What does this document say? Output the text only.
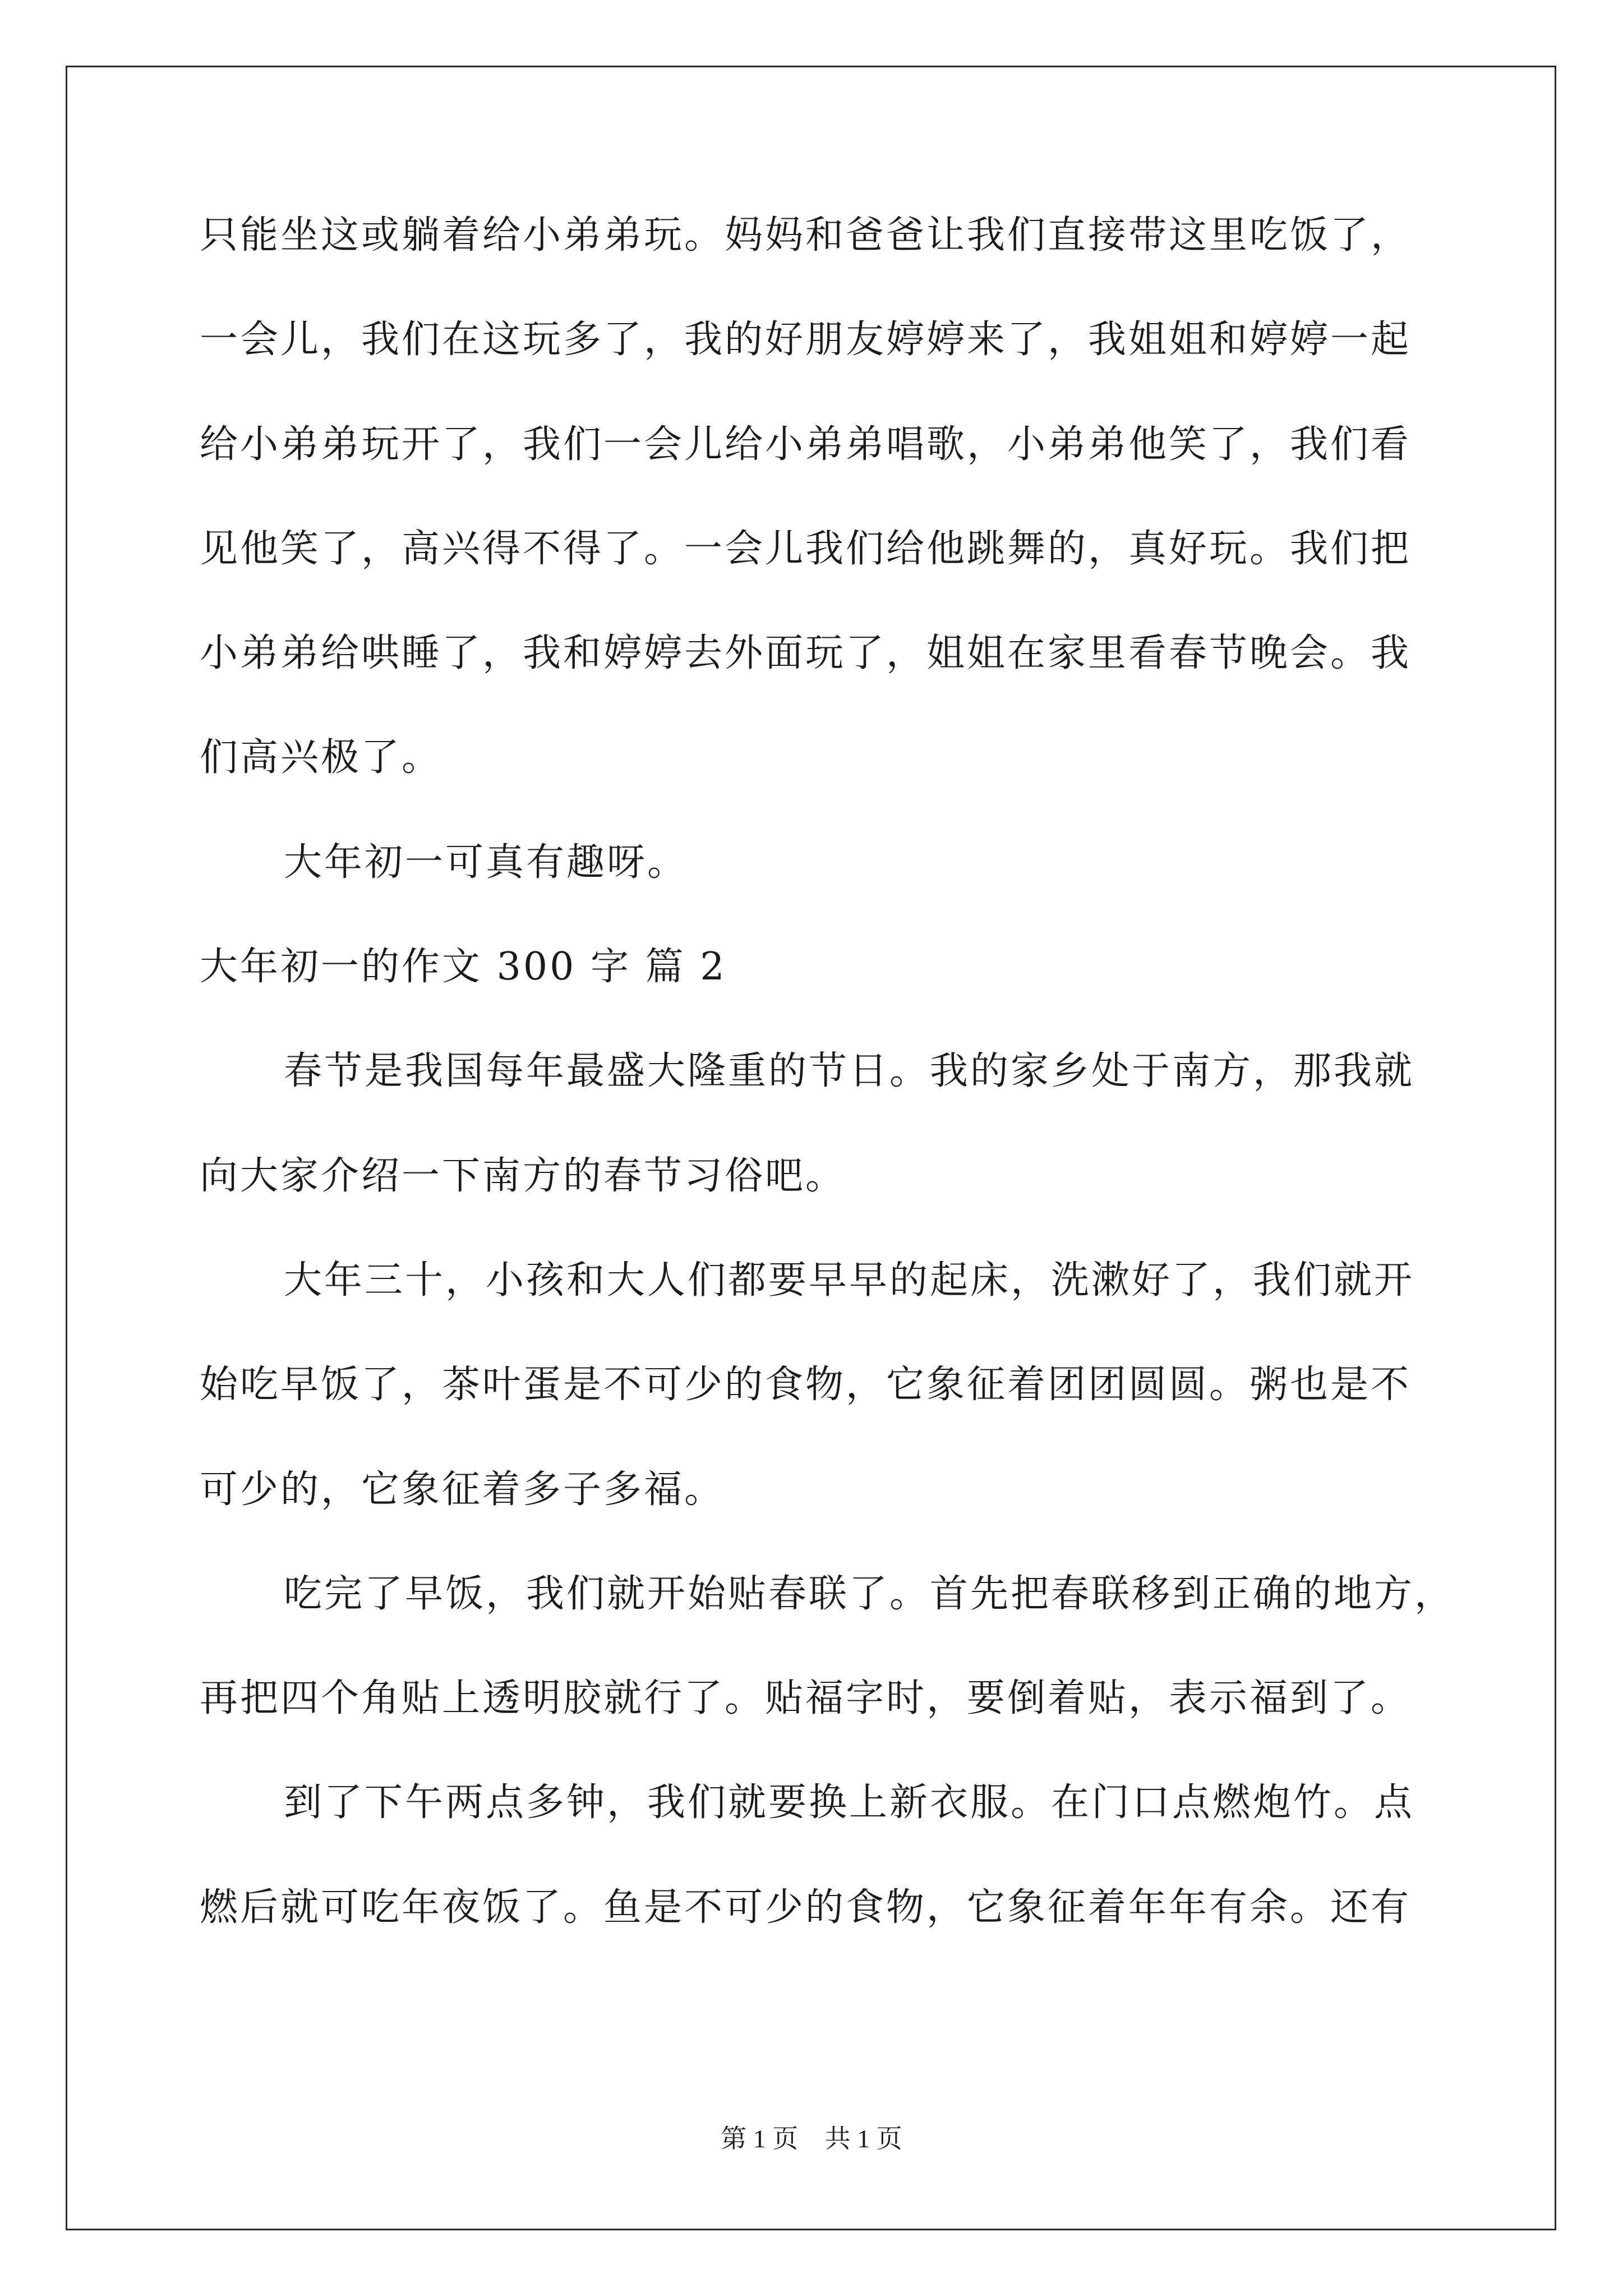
只能坐这或躺着给小弟弟玩。妈妈和爸爸让我们直接带这里吃饭了，
一会儿，我们在这玩多了，我的好朋友婷婷来了，我姐姐和婷婷一起
给小弟弟玩开了，我们一会儿给小弟弟唱歌，小弟弟他笑了，我们看
见他笑了，高兴得不得了。一会儿我们给他跳舞的，真好玩。我们把
小弟弟给哄睡了，我和婷婷去外面玩了，姐姐在家里看春节晚会。我
们高兴极了。
大年初一可真有趣呀。
大年初一的作文 300 字 篇 2
春节是我国每年最盛大隆重的节日。我的家乡处于南方，那我就
向大家介绍一下南方的春节习俗吧。
大年三十，小孩和大人们都要早早的起床，洗漱好了，我们就开
始吃早饭了，茶叶蛋是不可少的食物，它象征着团团圆圆。粥也是不
可少的，它象征着多子多福。
吃完了早饭，我们就开始贴春联了。首先把春联移到正确的地方，
再把四个角贴上透明胶就行了。贴福字时，要倒着贴，表示福到了。
到了下午两点多钟，我们就要换上新衣服。在门口点燃炮竹。点
燃后就可吃年夜饭了。鱼是不可少的食物，它象征着年年有余。还有
第 1 页 共 1 页
